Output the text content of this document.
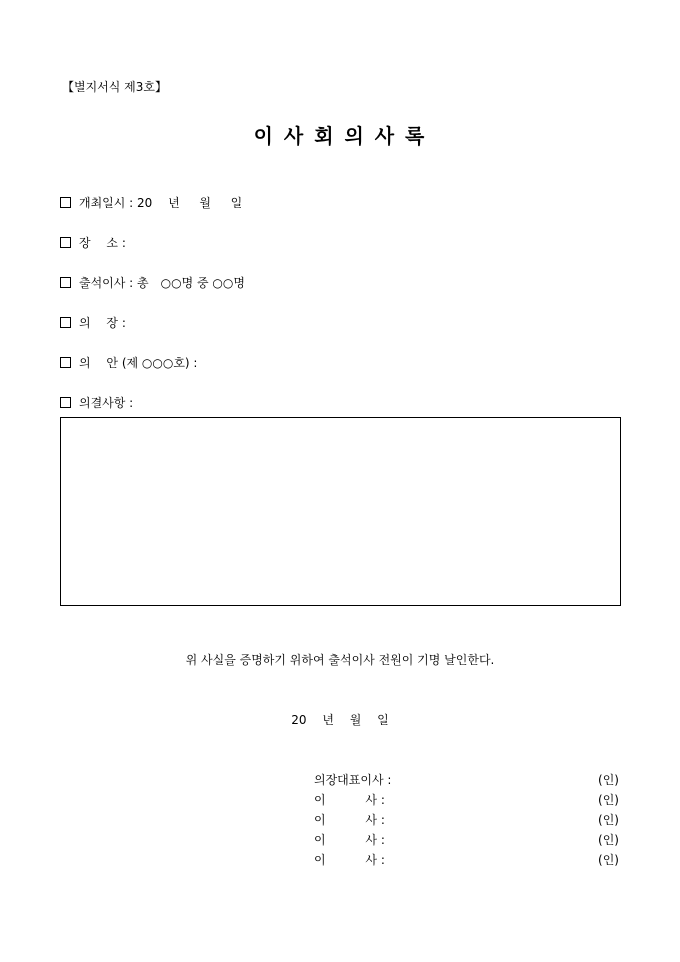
【별지서식 제3호】
이 사 회 의 사 록
개최일시 : 20　 년 　 월 　 일
장　 소 :
출석이사 : 총　○○명 중 ○○명
의　 장 :
의　 안 (제 ○○○호) :
의결사항 :
위 사실을 증명하기 위하여 출석이사 전원이 기명 날인한다.
20　 년　 월　 일
의장대표이사 :	(인)
이　　　 사 :	(인)
이　　　 사 :	(인)
이　　　 사 :	(인)
이　　　 사 :	(인)
